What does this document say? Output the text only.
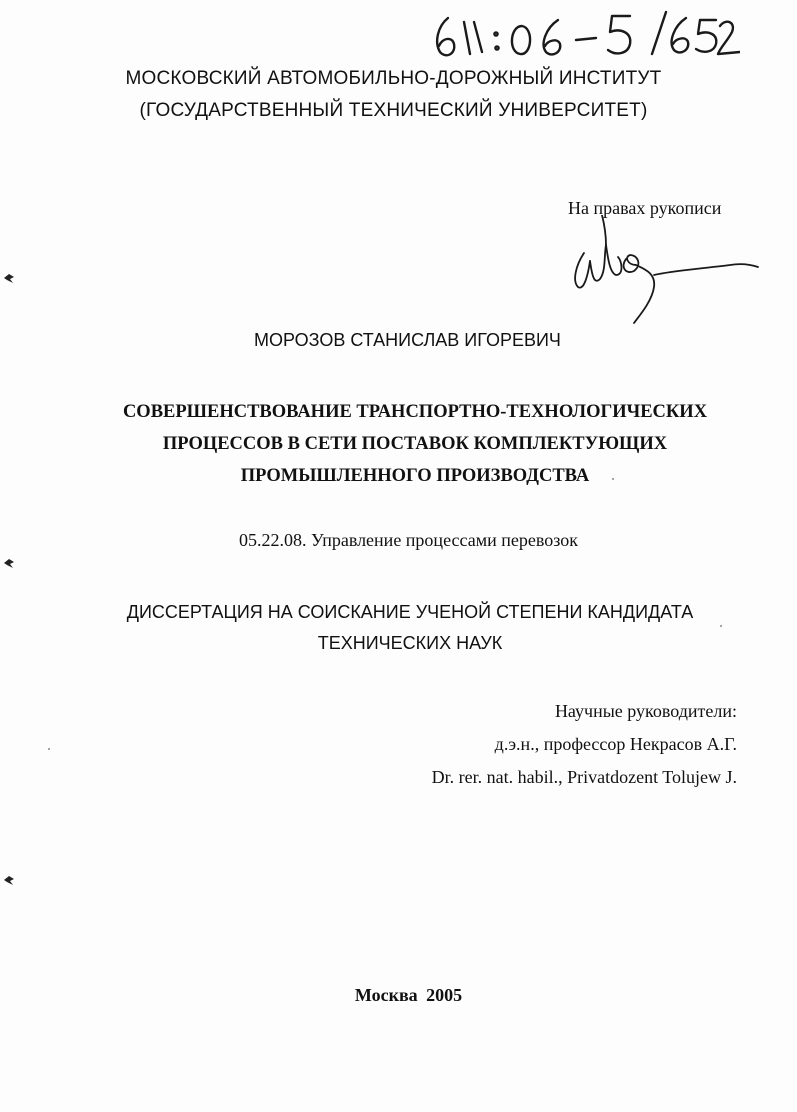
МОСКОВСКИЙ АВТОМОБИЛЬНО-ДОРОЖНЫЙ ИНСТИТУТ
(ГОСУДАРСТВЕННЫЙ ТЕХНИЧЕСКИЙ УНИВЕРСИТЕТ)
На правах рукописи
МОРОЗОВ СТАНИСЛАВ ИГОРЕВИЧ
СОВЕРШЕНСТВОВАНИЕ ТРАНСПОРТНО-ТЕХНОЛОГИЧЕСКИХ
ПРОЦЕССОВ В СЕТИ ПОСТАВОК КОМПЛЕКТУЮЩИХ
ПРОМЫШЛЕННОГО ПРОИЗВОДСТВА
05.22.08. Управление процессами перевозок
ДИССЕРТАЦИЯ НА СОИСКАНИЕ УЧЕНОЙ СТЕПЕНИ КАНДИДАТА
ТЕХНИЧЕСКИХ НАУК
Научные руководители:
д.э.н., профессор Некрасов А.Г.
Dr. rer. nat. habil., Privatdozent Tolujew J.
Москва 2005
